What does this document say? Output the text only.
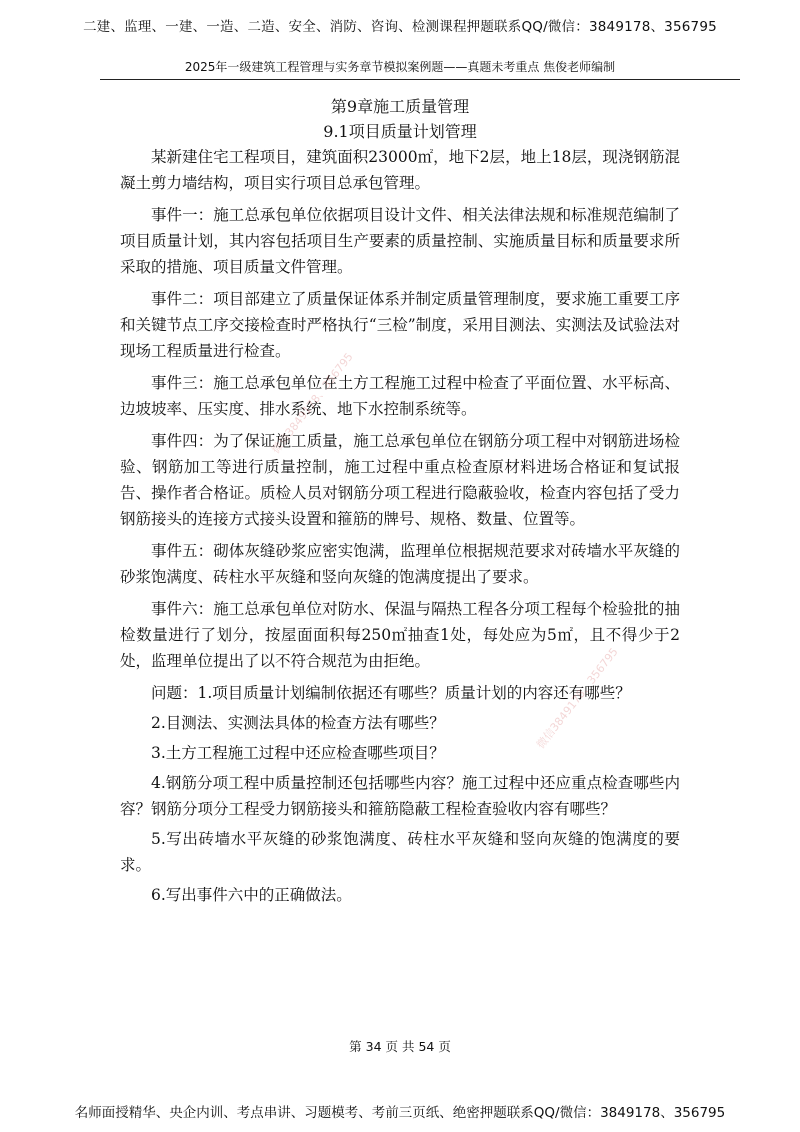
二建、监理、一建、一造、二造、安全、消防、咨询、检测课程押题联系QQ/微信：3849178、356795
2025年一级建筑工程管理与实务章节模拟案例题——真题未考重点 焦俊老师编制

第9章施工质量管理

9.1项目质量计划管理

某新建住宅工程项目，建筑面积23000㎡，地下2层，地上18层，现浇钢筋混凝土剪力墙结构，项目实行项目总承包管理。

事件一：施工总承包单位依据项目设计文件、相关法律法规和标准规范编制了项目质量计划，其内容包括项目生产要素的质量控制、实施质量目标和质量要求所采取的措施、项目质量文件管理。

事件二：项目部建立了质量保证体系并制定质量管理制度，要求施工重要工序和关键节点工序交接检查时严格执行“三检”制度，采用目测法、实测法及试验法对现场工程质量进行检查。

事件三：施工总承包单位在土方工程施工过程中检查了平面位置、水平标高、边坡坡率、压实度、排水系统、地下水控制系统等。

事件四：为了保证施工质量，施工总承包单位在钢筋分项工程中对钢筋进场检验、钢筋加工等进行质量控制，施工过程中重点检查原材料进场合格证和复试报告、操作者合格证。质检人员对钢筋分项工程进行隐蔽验收，检查内容包括了受力钢筋接头的连接方式接头设置和箍筋的牌号、规格、数量、位置等。

事件五：砌体灰缝砂浆应密实饱满，监理单位根据规范要求对砖墙水平灰缝的砂浆饱满度、砖柱水平灰缝和竖向灰缝的饱满度提出了要求。

事件六：施工总承包单位对防水、保温与隔热工程各分项工程每个检验批的抽检数量进行了划分，按屋面面积每250㎡抽查1处，每处应为5㎡，且不得少于2处，监理单位提出了以不符合规范为由拒绝。

问题：1.项目质量计划编制依据还有哪些？质量计划的内容还有哪些？

2.目测法、实测法具体的检查方法有哪些？

3.土方工程施工过程中还应检查哪些项目？

4.钢筋分项工程中质量控制还包括哪些内容？施工过程中还应重点检查哪些内容？钢筋分项分工程受力钢筋接头和箍筋隐蔽工程检查验收内容有哪些？

5.写出砖墙水平灰缝的砂浆饱满度、砖柱水平灰缝和竖向灰缝的饱满度的要求。

6.写出事件六中的正确做法。

微信3849178、356795
微信3849178、356795
第 34 页 共 54 页
名师面授精华、央企内训、考点串讲、习题模考、考前三页纸、绝密押题联系QQ/微信：3849178、356795
